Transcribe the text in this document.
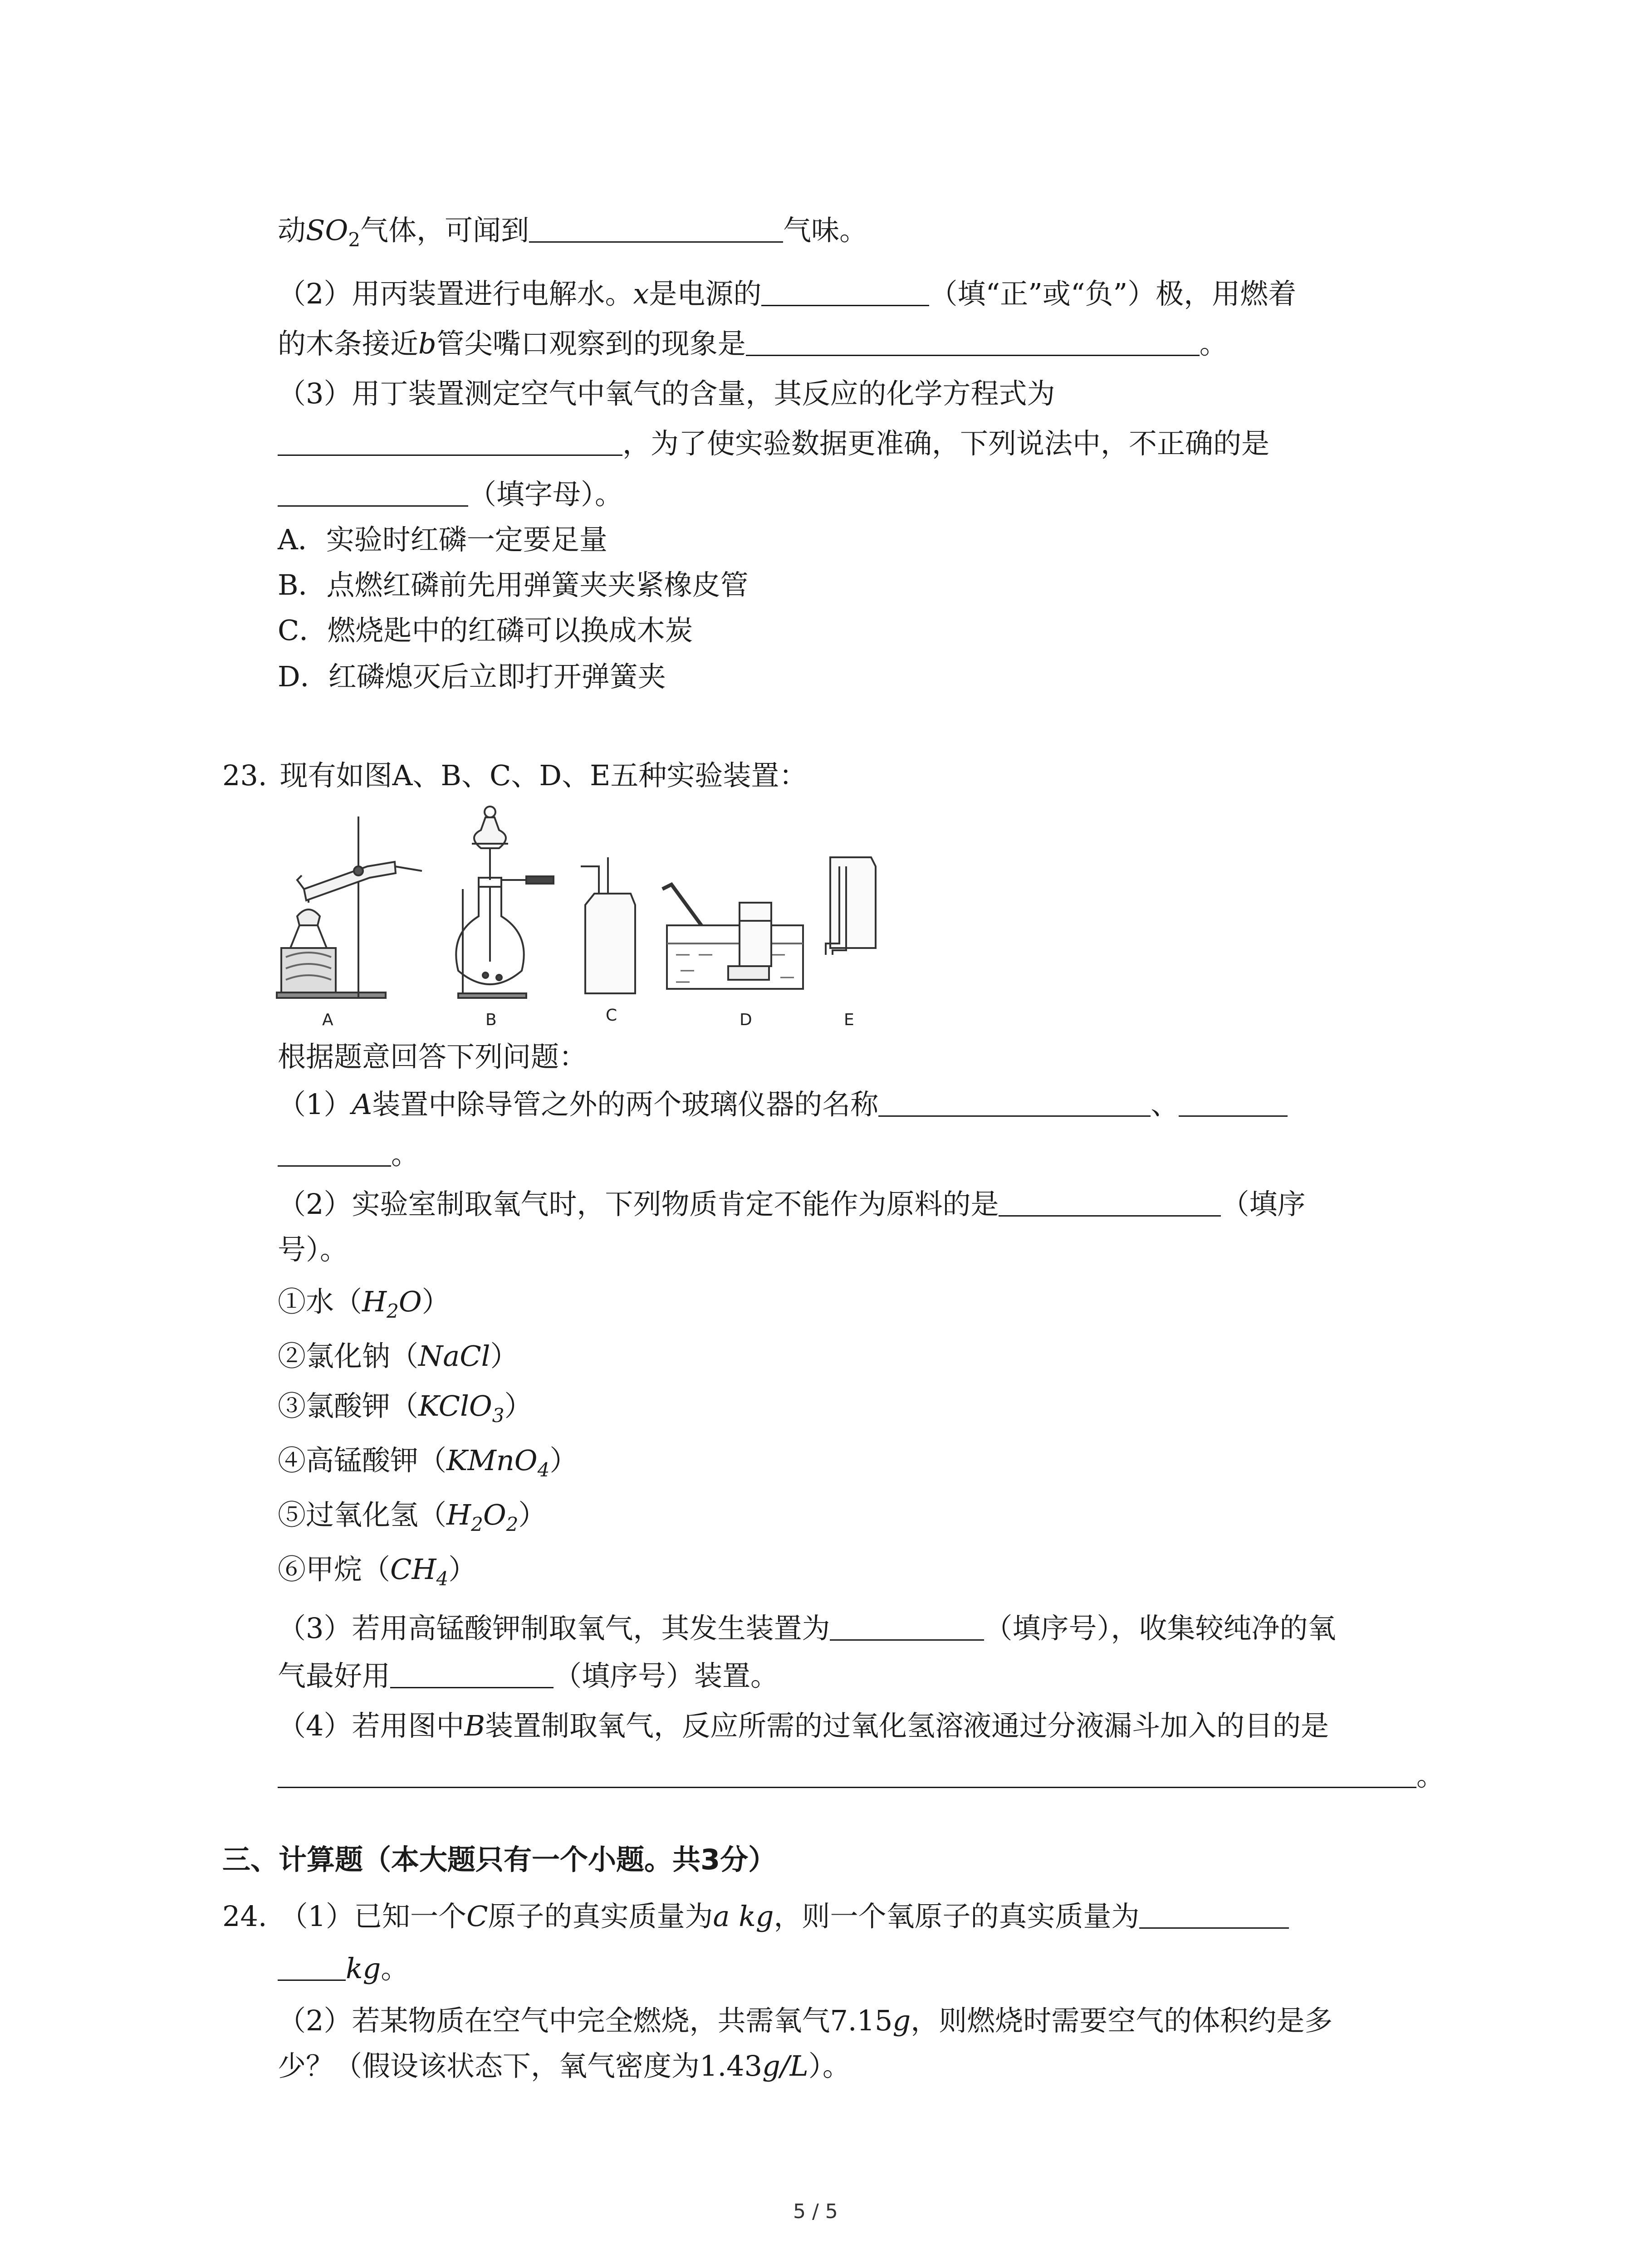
动$SO_2$气体，可闻到	气味。
（2）用丙装置进行电解水。x是电源的	（填“正”或“负”）极，用燃着
的木条接近b管尖嘴口观察到的现象是	。
（3）用丁装置测定空气中氧气的含量，其反应的化学方程式为
，为了使实验数据更准确，下列说法中，不正确的是
（填字母）。
A．实验时红磷一定要足量
B．点燃红磷前先用弹簧夹夹紧橡皮管
C．燃烧匙中的红磷可以换成木炭
D．红磷熄灭后立即打开弹簧夹
23. 现有如图A、B、C、D、E五种实验装置：
A	B	C	D	E
根据题意回答下列问题：
（1）A装置中除导管之外的两个玻璃仪器的名称	、
。
（2）实验室制取氧气时，下列物质肯定不能作为原料的是	（填序
号）。
①水$(H_2O)$
②氯化钠（NaCl）
③氯酸钾（KClO$_3$）
④高锰酸钾（KMnO$_4$）
⑤过氧化氢$(H_2O_2)$
⑥甲烷$(CH_4)$
（3）若用高锰酸钾制取氧气，其发生装置为	（填序号），收集较纯净的氧
气最好用	（填序号）装置。
（4）若用图中B装置制取氧气，反应所需的过氧化氢溶液通过分液漏斗加入的目的是
。
三、计算题（本大题只有一个小题。共3分）
24. （1）已知一个C原子的真实质量为a kg，则一个氧原子的真实质量为
kg。
（2）若某物质在空气中完全燃烧，共需氧气7.15g，则燃烧时需要空气的体积约是多
少？（假设该状态下，氧气密度为1.43g/L）。
5 / 5
